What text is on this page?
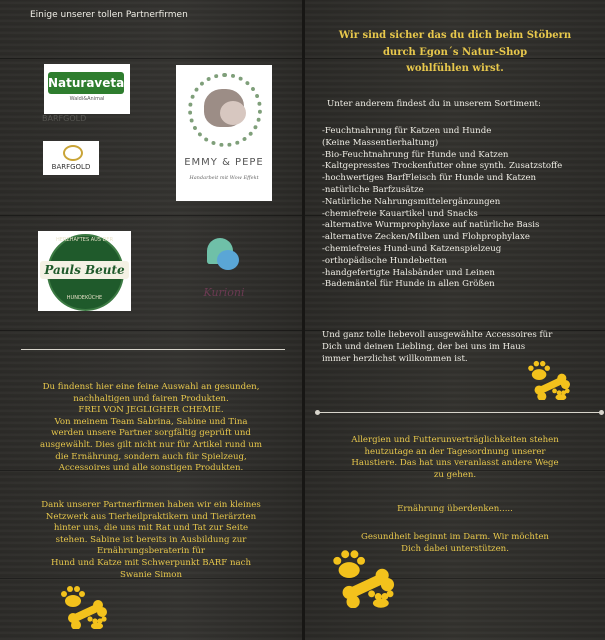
Einige unserer tollen Partnerfirmen
Naturavetal
Waldi&Animal
BARFGOLD
BARFGOLD	EMMY & PEPE
Handarbeit mit Wow Effekt
HERZHAFTES AUS DER
Pauls Beute
HUNDEKÜCHE	Kurioni
Du findenst hier eine feine Auswahl an gesunden,
nachhaltigen und fairen Produkten.
FREI VON JEGLIGHER CHEMIE.
Von meinem Team Sabrina, Sabine und Tina
werden unsere Partner sorgfältig geprüft und
ausgewählt. Dies gilt nicht nur für Artikel rund um
die Ernährung, sondern auch für Spielzeug,
Accessoires und alle sonstigen Produkten.
Dank unserer Partnerfirmen haben wir ein kleines
Netzwerk aus Tierheilpraktikern und Tierärzten
hinter uns, die uns mit Rat und Tat zur Seite
stehen. Sabine ist bereits in Ausbildung zur
Ernährungsberaterin für
Hund und Katze mit Schwerpunkt BARF nach
Swanie Simon
Wir sind sicher das du dich beim Stöbern
durch Egon´s Natur-Shop
wohlfühlen wirst.
Unter anderem findest du in unserem Sortiment:
-Feuchtnahrung für Katzen und Hunde
(Keine Massentierhaltung)
-Bio-Feuchtnahrung für Hunde und Katzen
-Kaltgepresstes Trockenfutter ohne synth. Zusatzstoffe
-hochwertiges BarfFleisch für Hunde und Katzen
-natürliche Barfzusätze
-Natürliche Nahrungsmittelergänzungen
-chemiefreie Kauartikel und Snacks
-alternative Wurmprophylaxe auf natürliche Basis
-alternative Zecken/Milben und Flohprophylaxe
-chemiefreies Hund-und Katzenspielzeug
-orthopädische Hundebetten
-handgefertigte Halsbänder und Leinen
-Bademäntel für Hunde in allen Größen
Und ganz tolle liebevoll ausgewählte Accessoires für
Dich und deinen Liebling, der bei uns im Haus
immer herzlichst willkommen ist.
Allergien und Futterunverträglichkeiten stehen
heutzutage an der Tagesordnung unserer
Haustiere. Das hat uns veranlasst andere Wege
zu gehen.
Ernährung überdenken.....
Gesundheit beginnt im Darm. Wir möchten
Dich dabei unterstützen.
